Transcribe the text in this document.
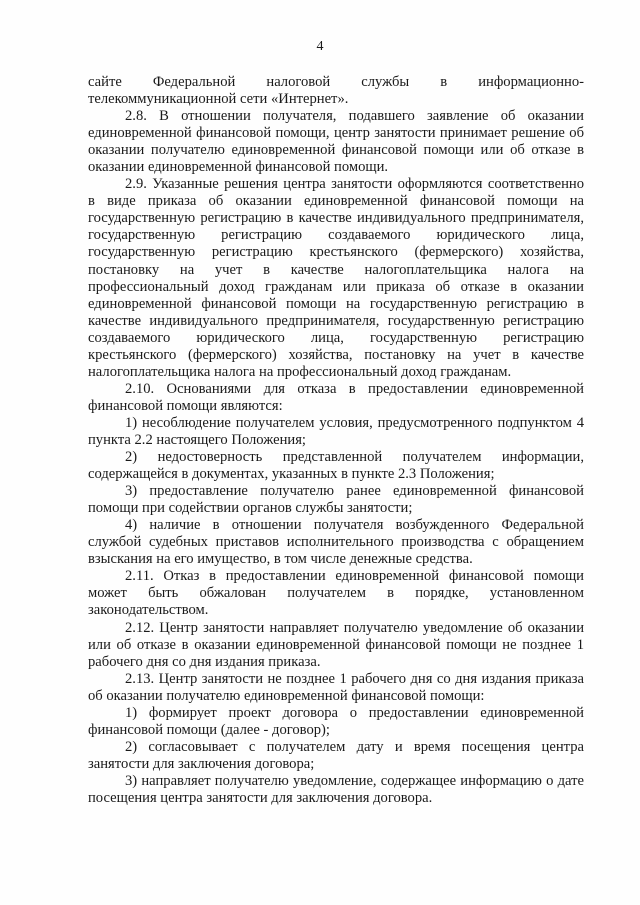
4

сайте Федеральной налоговой службы в информационно-телекоммуникационной сети «Интернет».

2.8. В отношении получателя, подавшего заявление об оказании единовременной финансовой помощи, центр занятости принимает решение об оказании получателю единовременной финансовой помощи или об отказе в оказании единовременной финансовой помощи.

2.9. Указанные решения центра занятости оформляются соответственно в виде приказа об оказании единовременной финансовой помощи на государственную регистрацию в качестве индивидуального предпринимателя, государственную регистрацию создаваемого юридического лица, государственную регистрацию крестьянского (фермерского) хозяйства, постановку на учет в качестве налогоплательщика налога на профессиональный доход гражданам или приказа об отказе в оказании единовременной финансовой помощи на государственную регистрацию в качестве индивидуального предпринимателя, государственную регистрацию создаваемого юридического лица, государственную регистрацию крестьянского (фермерского) хозяйства, постановку на учет в качестве налогоплательщика налога на профессиональный доход гражданам.

2.10. Основаниями для отказа в предоставлении единовременной финансовой помощи являются:

1) несоблюдение получателем условия, предусмотренного подпунктом 4 пункта 2.2 настоящего Положения;

2) недостоверность представленной получателем информации, содержащейся в документах, указанных в пункте 2.3 Положения;

3) предоставление получателю ранее единовременной финансовой помощи при содействии органов службы занятости;

4) наличие в отношении получателя возбужденного Федеральной службой судебных приставов исполнительного производства с обращением взыскания на его имущество, в том числе денежные средства.

2.11. Отказ в предоставлении единовременной финансовой помощи может быть обжалован получателем в порядке, установленном законодательством.

2.12. Центр занятости направляет получателю уведомление об оказании или об отказе в оказании единовременной финансовой помощи не позднее 1 рабочего дня со дня издания приказа.

2.13. Центр занятости не позднее 1 рабочего дня со дня издания приказа об оказании получателю единовременной финансовой помощи:

1) формирует проект договора о предоставлении единовременной финансовой помощи (далее - договор);

2) согласовывает с получателем дату и время посещения центра занятости для заключения договора;

3) направляет получателю уведомление, содержащее информацию о дате посещения центра занятости для заключения договора.
